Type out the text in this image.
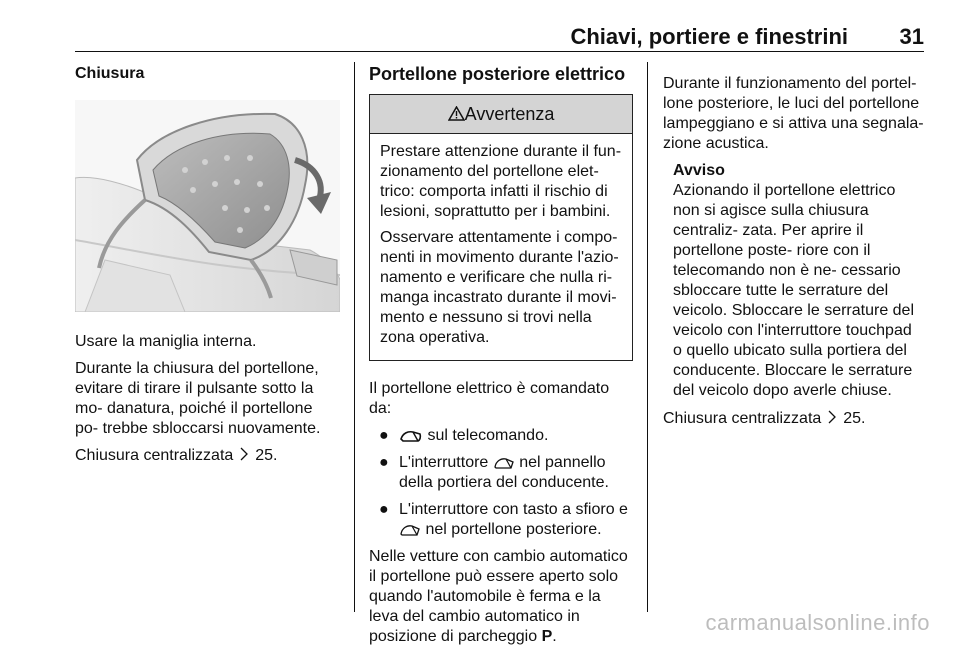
Chiavi, portiere e finestrini 31
Chiusura

Usare la maniglia interna.

Durante la chiusura del portellone, evitare di tirare il pulsante sotto la mo- danatura, poiché il portellone po- trebbe sbloccarsi nuovamente.

Chiusura centralizzata 25.

Portellone posteriore elettrico
Avvertenza

Prestare attenzione durante il fun- zionamento del portellone elet- trico: comporta infatti il rischio di lesioni, soprattutto per i bambini.

Osservare attentamente i compo- nenti in movimento durante l'azio- namento e verificare che nulla ri- manga incastrato durante il movi- mento e nessuno si trovi nella zona operativa.

Il portellone elettrico è comandato da:

● sul telecomando.
● L'interruttore nel pannello della portiera del conducente.
● L'interruttore con tasto a sfioro e  nel portellone posteriore.

Nelle vetture con cambio automatico il portellone può essere aperto solo quando l'automobile è ferma e la leva del cambio automatico in posizione di parcheggio P.

Durante il funzionamento del portel- lone posteriore, le luci del portellone lampeggiano e si attiva una segnala- zione acustica.

Avviso
Azionando il portellone elettrico non si agisce sulla chiusura centraliz- zata. Per aprire il portellone poste- riore con il telecomando non è ne- cessario sbloccare tutte le serrature del veicolo. Sbloccare le serrature del veicolo con l'interruttore touchpad o quello ubicato sulla portiera del conducente. Bloccare le serrature del veicolo dopo averle chiuse.

Chiusura centralizzata 25.

carmanualsonline.info
